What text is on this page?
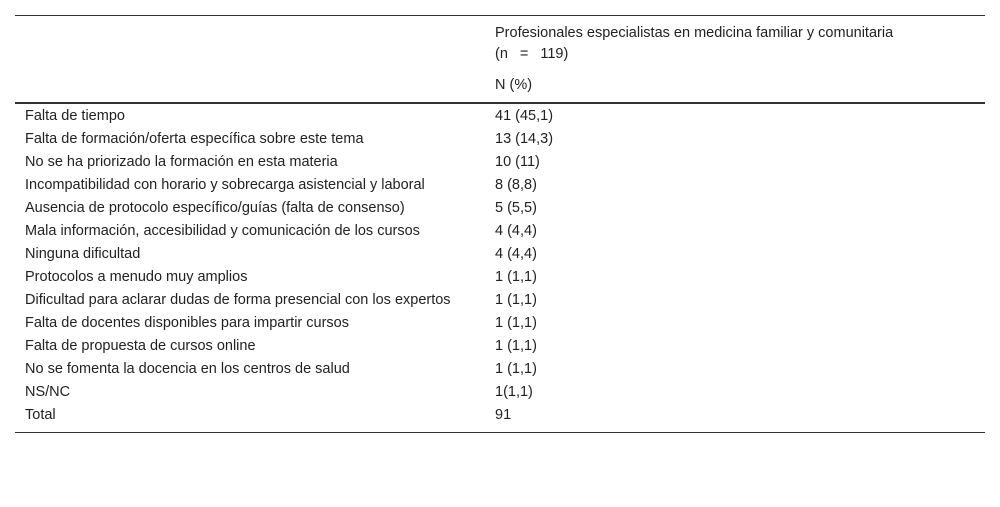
	Profesionales especialistas en medicina familiar y comunitaria
(n = 119)

	N (%)
Falta de tiempo	41 (45,1)
Falta de formación/oferta específica sobre este tema	13 (14,3)
No se ha priorizado la formación en esta materia	10 (11)
Incompatibilidad con horario y sobrecarga asistencial y laboral	8 (8,8)
Ausencia de protocolo específico/guías (falta de consenso)	5 (5,5)
Mala información, accesibilidad y comunicación de los cursos	4 (4,4)
Ninguna dificultad	4 (4,4)
Protocolos a menudo muy amplios	1 (1,1)
Dificultad para aclarar dudas de forma presencial con los expertos	1 (1,1)
Falta de docentes disponibles para impartir cursos	1 (1,1)
Falta de propuesta de cursos online	1 (1,1)
No se fomenta la docencia en los centros de salud	1 (1,1)
NS/NC	1(1,1)
Total	91
